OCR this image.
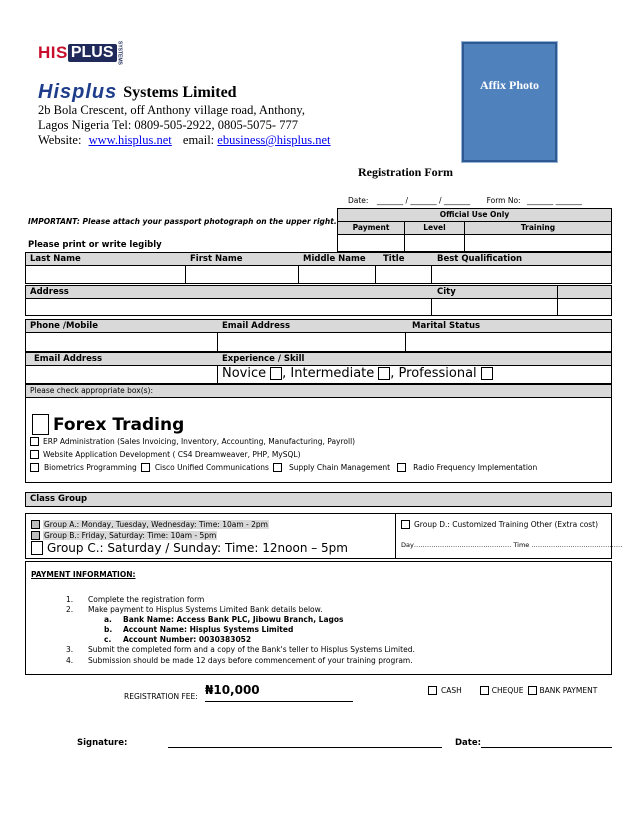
HIS PLUS SYSTEMS
Hisplus Systems Limited
2b Bola Crescent, off Anthony village road, Anthony,
Lagos Nigeria Tel: 0809-505-2922, 0805-5075- 777
Website: www.hisplus.net email: ebusiness@hisplus.net
Affix Photo
Registration Form
Date: _______ / _______ / _______ Form No: _______ _______
IMPORTANT: Please attach your passport photograph on the upper right.
Official Use Only
Payment	Level	Training
Please print or write legibly
Last Name	First Name	Middle Name Title	Best Qualification
Address	City
Phone /Mobile	Email Address	Marital Status
Email Address	Experience / Skill
Novice , Intermediate , Professional
Please check appropriate box(s):
Forex Trading
ERP Administration (Sales Invoicing, Inventory, Accounting, Manufacturing, Payroll)
Website Application Development ( CS4 Dreamweaver, PHP, MySQL)
Biometrics Programming Cisco Unified Communications	Supply Chain Management	Radio Frequency Implementation
Class Group
Group A.: Monday, Tuesday, Wednesday: Time: 10am - 2pm
Group B.: Friday, Saturday: Time: 10am - 5pm
Group C.: Saturday / Sunday: Time: 12noon – 5pm
Group D.: Customized Training Other (Extra cost)
Day……………………………………… Time ……………………………………
PAYMENT INFORMATION:
1. Complete the registration form
2. Make payment to Hisplus Systems Limited Bank details below.
a. Bank Name: Access Bank PLC, Jibowu Branch, Lagos
b. Account Name: Hisplus Systems Limited
c. Account Number: 0030383052
3. Submit the completed form and a copy of the Bank's teller to Hisplus Systems Limited.
4. Submission should be made 12 days before commencement of your training program.
REGISTRATION FEE: ₦10,000	CASH	CHEQUE BANK PAYMENT
Signature:	Date:
